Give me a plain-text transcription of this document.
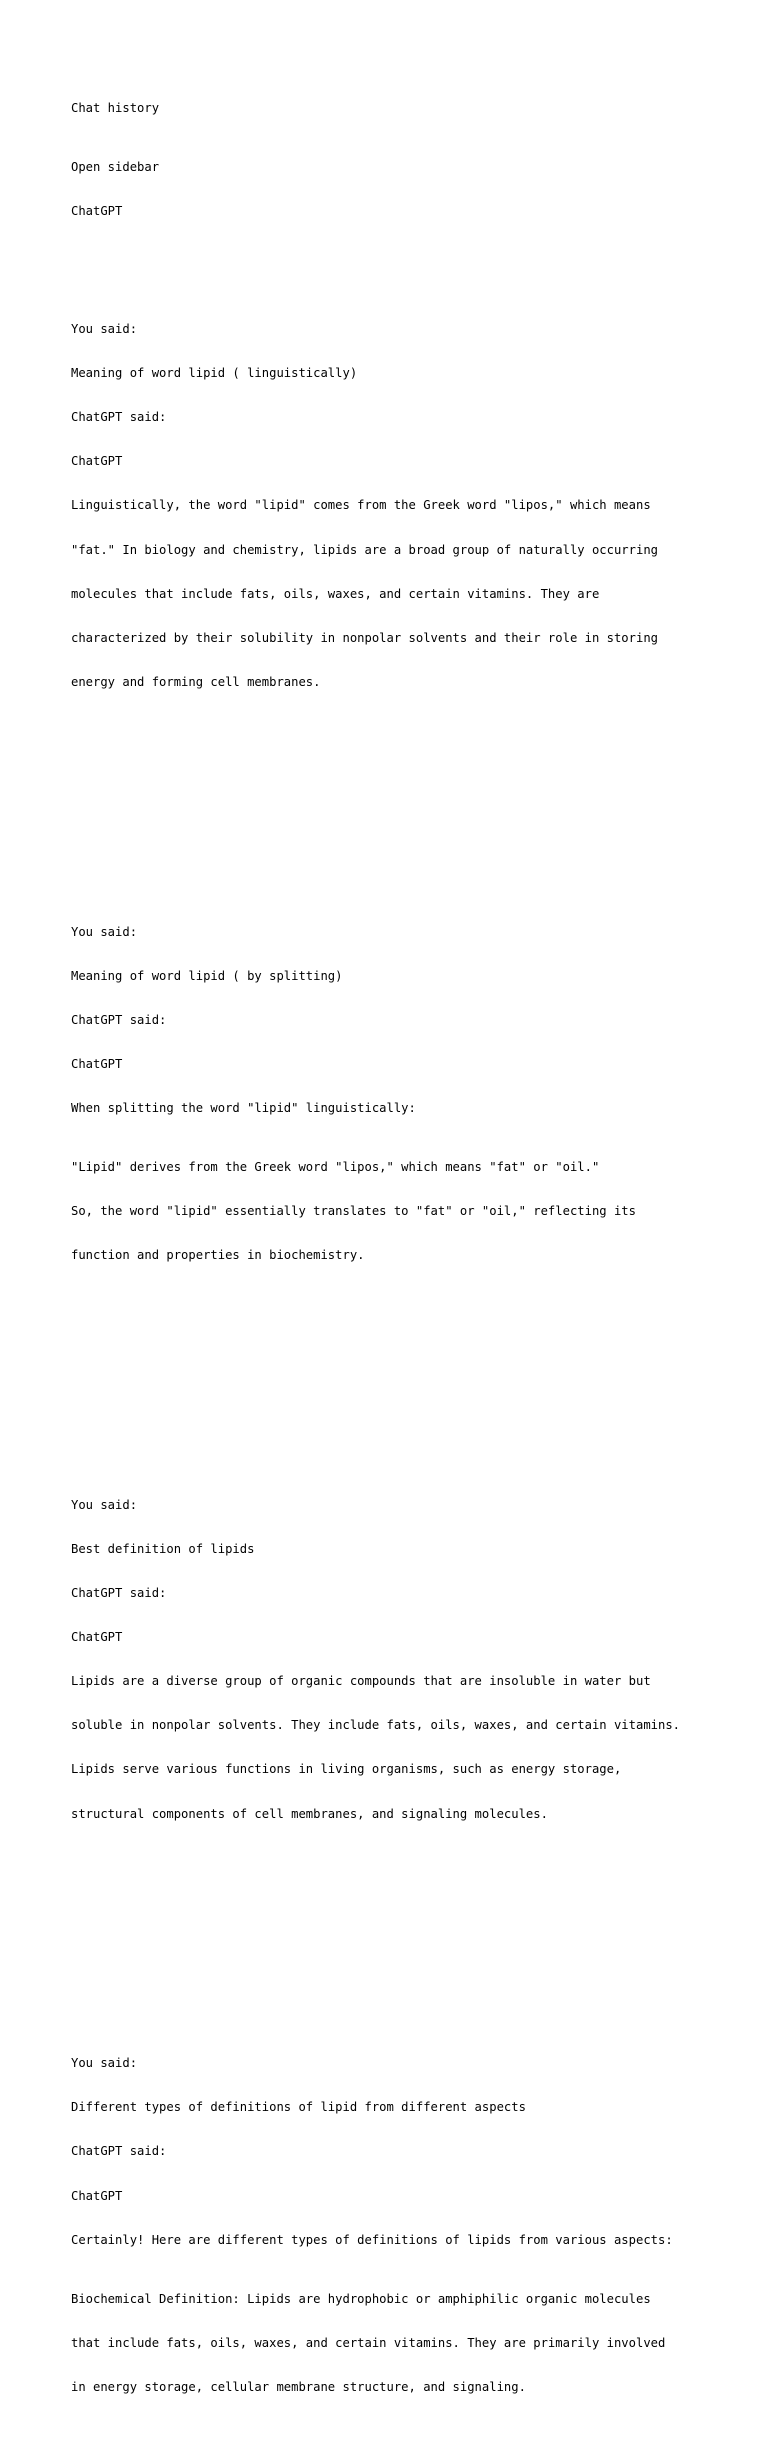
Chat history

Open sidebar

ChatGPT

You said:

Meaning of word lipid ( linguistically)

ChatGPT said:

ChatGPT

Linguistically, the word "lipid" comes from the Greek word "lipos," which means

"fat." In biology and chemistry, lipids are a broad group of naturally occurring

molecules that include fats, oils, waxes, and certain vitamins. They are

characterized by their solubility in nonpolar solvents and their role in storing

energy and forming cell membranes.

You said:

Meaning of word lipid ( by splitting)

ChatGPT said:

ChatGPT

When splitting the word "lipid" linguistically:

"Lipid" derives from the Greek word "lipos," which means "fat" or "oil."

So, the word "lipid" essentially translates to "fat" or "oil," reflecting its

function and properties in biochemistry.

You said:

Best definition of lipids

ChatGPT said:

ChatGPT

Lipids are a diverse group of organic compounds that are insoluble in water but

soluble in nonpolar solvents. They include fats, oils, waxes, and certain vitamins.

Lipids serve various functions in living organisms, such as energy storage,

structural components of cell membranes, and signaling molecules.

You said:

Different types of definitions of lipid from different aspects

ChatGPT said:

ChatGPT

Certainly! Here are different types of definitions of lipids from various aspects:

Biochemical Definition: Lipids are hydrophobic or amphiphilic organic molecules

that include fats, oils, waxes, and certain vitamins. They are primarily involved

in energy storage, cellular membrane structure, and signaling.
